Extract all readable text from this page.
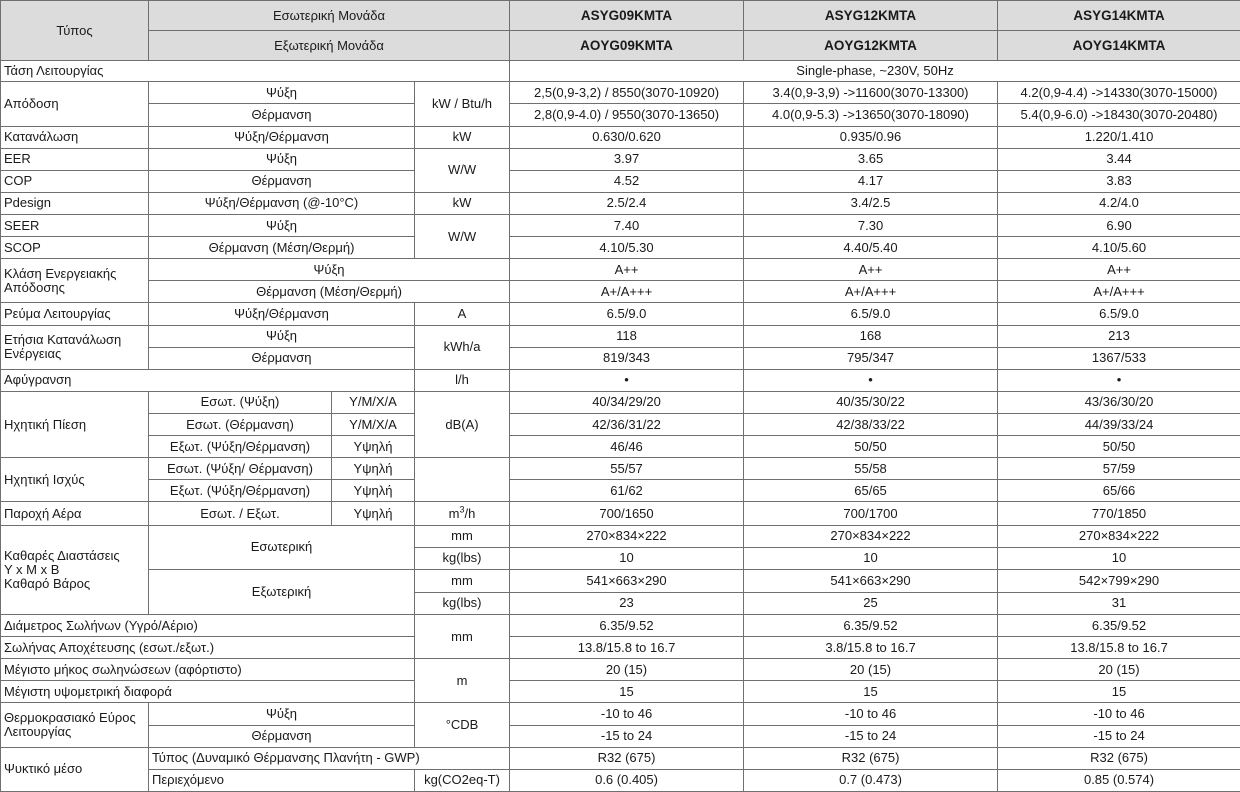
Τύπος	Εσωτερική Μονάδα			ASYG09KMTA	ASYG12KMTA	ASYG14KMTA
	Εξωτερική Μονάδα			AOYG09KMTA	AOYG12KMTA	AOYG14KMTA
Τάση Λειτουργίας				Single-phase, ~230V, 50Hz		
Απόδοση	Ψύξη		kW / Btu/h	2,5(0,9-3,2) / 8550(3070-10920)	3.4(0,9-3,9) ->11600(3070-13300)	4.2(0,9-4.4) ->14330(3070-15000)
	Θέρμανση			2,8(0,9-4.0) / 9550(3070-13650)	4.0(0,9-5.3) ->13650(3070-18090)	5.4(0,9-6.0) ->18430(3070-20480)
Κατανάλωση	Ψύξη/Θέρμανση		kW	0.630/0.620	0.935/0.96	1.220/1.410
EER	Ψύξη		W/W	3.97	3.65	3.44
COP	Θέρμανση			4.52	4.17	3.83
Pdesign	Ψύξη/Θέρμανση (@-10°C)		kW	2.5/2.4	3.4/2.5	4.2/4.0
SEER	Ψύξη		W/W	7.40	7.30	6.90
SCOP	Θέρμανση (Μέση/Θερμή)			4.10/5.30	4.40/5.40	4.10/5.60
Κλάση Ενεργειακής Απόδοσης	Ψύξη			A++	A++	A++
	Θέρμανση (Μέση/Θερμή)			A+/A+++	A+/A+++	A+/A+++
Ρεύμα Λειτουργίας	Ψύξη/Θέρμανση		A	6.5/9.0	6.5/9.0	6.5/9.0
Ετήσια Κατανάλωση Ενέργειας	Ψύξη		kWh/a	118	168	213
	Θέρμανση			819/343	795/347	1367/533
Αφύγρανση			l/h	•	•	•
Ηχητική Πίεση	Εσωτ. (Ψύξη)	Υ/Μ/Χ/Α	dB(A)	40/34/29/20	40/35/30/22	43/36/30/20
	Εσωτ. (Θέρμανση)	Υ/Μ/Χ/Α		42/36/31/22	42/38/33/22	44/39/33/24
	Εξωτ. (Ψύξη/Θέρμανση)	Υψηλή		46/46	50/50	50/50
Ηχητική Ισχύς	Εσωτ. (Ψύξη/ Θέρμανση)	Υψηλή		55/57	55/58	57/59
	Εξωτ. (Ψύξη/Θέρμανση)	Υψηλή		61/62	65/65	65/66
Παροχή Αέρα	Εσωτ. / Εξωτ.	Υψηλή	$m^3/h$	700/1650	700/1700	770/1850

Καθαρές Διαστάσεις
Υ x Μ x Β
Καθαρό Βάρος	Εσωτερική		mm	270×834×222	270×834×222	270×834×222
			kg(lbs)	10	10	10
	Εξωτερική		mm	541×663×290	541×663×290	542×799×290
			kg(lbs)	23	25	31
Διάμετρος Σωλήνων (Υγρό/Αέριο)			mm	6.35/9.52	6.35/9.52	6.35/9.52
Σωλήνας Αποχέτευσης (εσωτ./εξωτ.)				13.8/15.8 to 16.7	3.8/15.8 to 16.7	13.8/15.8 to 16.7
Μέγιστο μήκος σωληνώσεων (αφόρτιστο)			m	20 (15)	20 (15)	20 (15)
Μέγιστη υψομετρική διαφορά				15	15	15
Θερμοκρασιακό Εύρος Λειτουργίας	Ψύξη		°CDB	-10 to 46	-10 to 46	-10 to 46
	Θέρμανση			-15 to 24	-15 to 24	-15 to 24
Ψυκτικό μέσο	Τύπος (Δυναμικό Θέρμανσης Πλανήτη - GWP)			R32 (675)	R32 (675)	R32 (675)
	Περιεχόμενο		kg(CO2eq-T)	0.6 (0.405)	0.7 (0.473)	0.85 (0.574)
